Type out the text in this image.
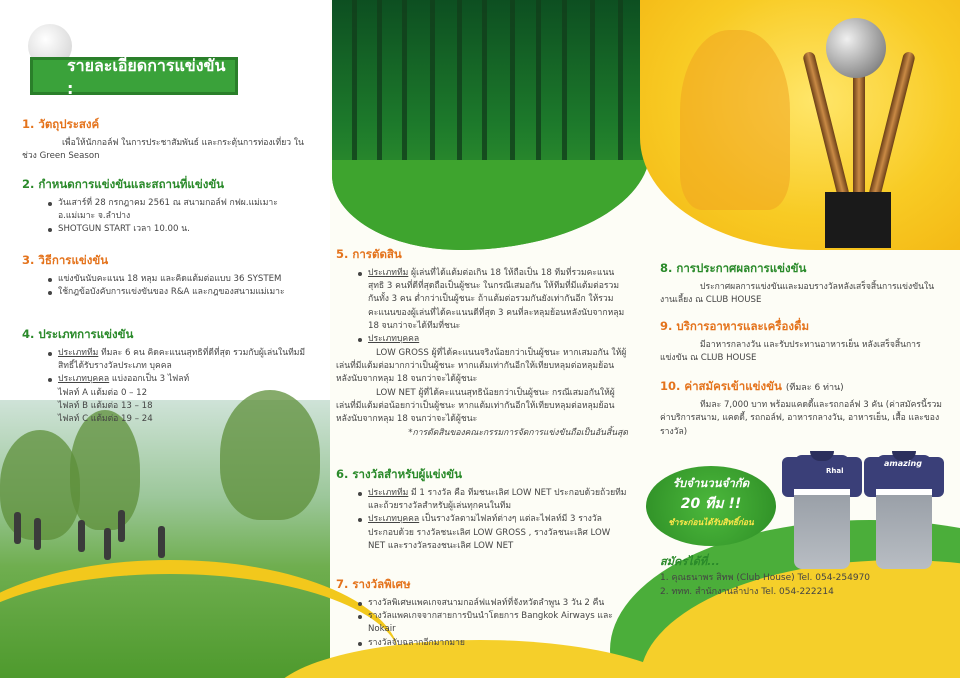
รายละเอียดการแข่งขัน :
1. วัตถุประสงค์
เพื่อให้นักกอล์ฟ ในการประชาสัมพันธ์ และกระตุ้นการท่องเที่ยว ในช่วง Green Season
2. กำหนดการแข่งขันและสถานที่แข่งขัน
วันเสาร์ที่ 28 กรกฎาคม 2561 ณ สนามกอล์ฟ กฟผ.แม่เมาะ อ.แม่เมาะ จ.ลำปาง
SHOTGUN START เวลา 10.00 น.
3. วิธีการแข่งขัน
แข่งขันนับคะแนน 18 หลุม และคิดแต้มต่อแบบ 36 SYSTEM
ใช้กฎข้อบังคับการแข่งขันของ R&A และกฎของสนามแม่เมาะ
4. ประเภทการแข่งขัน
ประเภททีม ทีมละ 6 คน คิดคะแนนสุทธิที่ดีที่สุด รวมกับผู้เล่นในทีมมีสิทธิ์ได้รับรางวัลประเภท บุคคล
ประเภทบุคคล แบ่งออกเป็น 3 ไฟลท์
ไฟลท์ A แต้มต่อ 0 – 12
ไฟลท์ B แต้มต่อ 13 – 18
ไฟลท์ C แต้มต่อ 19 – 24
5. การตัดสิน
ประเภททีม ผู้เล่นที่ได้แต้มต่อเกิน 18 ให้ถือเป็น 18 ทีมที่รวมคะแนนสุทธิ 3 คนที่ดีที่สุดถือเป็นผู้ชนะ ในกรณีเสมอกัน ให้ทีมที่มีแต้มต่อรวมกันทั้ง 3 คน ต่ำกว่าเป็นผู้ชนะ ถ้าแต้มต่อรวมกันยังเท่ากันอีก ให้รวมคะแนนของผู้เล่นที่ได้คะแนนดีที่สุด 3 คนที่ละหลุมย้อนหลังนับจากหลุม 18 จนกว่าจะได้ทีมที่ชนะ
ประเภทบุคคล
LOW GROSS ผู้ที่ได้คะแนนจริงน้อยกว่าเป็นผู้ชนะ หากเสมอกัน ให้ผู้เล่นที่มีแต้มต่อมากกว่าเป็นผู้ชนะ หากแต้มเท่ากันอีกให้เทียบหลุมต่อหลุมย้อนหลังนับจากหลุม 18 จนกว่าจะได้ผู้ชนะ
LOW NET ผู้ที่ได้คะแนนสุทธิน้อยกว่าเป็นผู้ชนะ กรณีเสมอกันให้ผู้เล่นที่มีแต้มต่อน้อยกว่าเป็นผู้ชนะ หากแต้มเท่ากันอีกให้เทียบหลุมต่อหลุมย้อนหลังนับจากหลุม 18 จนกว่าจะได้ผู้ชนะ
*การตัดสินของคณะกรรมการจัดการแข่งขันถือเป็นอันสิ้นสุด
6. รางวัลสำหรับผู้แข่งขัน
ประเภททีม มี 1 รางวัล คือ ทีมชนะเลิศ LOW NET ประกอบด้วยถ้วยทีมและถ้วยรางวัลสำหรับผู้เล่นทุกคนในทีม
ประเภทบุคคล เป็นรางวัลตามไฟลท์ต่างๆ แต่ละไฟลท์มี 3 รางวัล ประกอบด้วย รางวัลชนะเลิศ LOW GROSS , รางวัลชนะเลิศ LOW NET และรางวัลรองชนะเลิศ LOW NET
7. รางวัลพิเศษ
รางวัลพิเศษแพคเกจสนามกอล์ฟแฟลท์ที่จังหวัดลำพูน 3 วัน 2 คืน
รางวัลแพคเกจจากสายการบินนำโดยการ Bangkok Airways และ Nokair
รางวัลจับฉลากอีกมากมาย
8. การประกาศผลการแข่งขัน
ประกาศผลการแข่งขันและมอบรางวัลหลังเสร็จสิ้นการแข่งขันในงานเลี้ยง ณ CLUB HOUSE
9. บริการอาหารและเครื่องดื่ม
มีอาหารกลางวัน และรับประทานอาหารเย็น หลังเสร็จสิ้นการแข่งขัน ณ CLUB HOUSE
10. ค่าสมัครเข้าแข่งขัน (ทีมละ 6 ท่าน)
ทีมละ 7,000 บาท พร้อมแคดดี้และรถกอล์ฟ 3 คัน (ค่าสมัครนี้รวมค่าบริการสนาม, แคดดี้, รถกอล์ฟ, อาหารกลางวัน, อาหารเย็น, เสื้อ และของรางวัล)
รับจำนวนจำกัด
20 ทีม !!
ชำระก่อนได้รับสิทธิ์ก่อน
Rhal
amazing
สมัครได้ที่...
1. คุณธนาพร สิทพ (Club House) Tel. 054-254970
2. ททท. สำนักงานลำปาง Tel. 054-222214
